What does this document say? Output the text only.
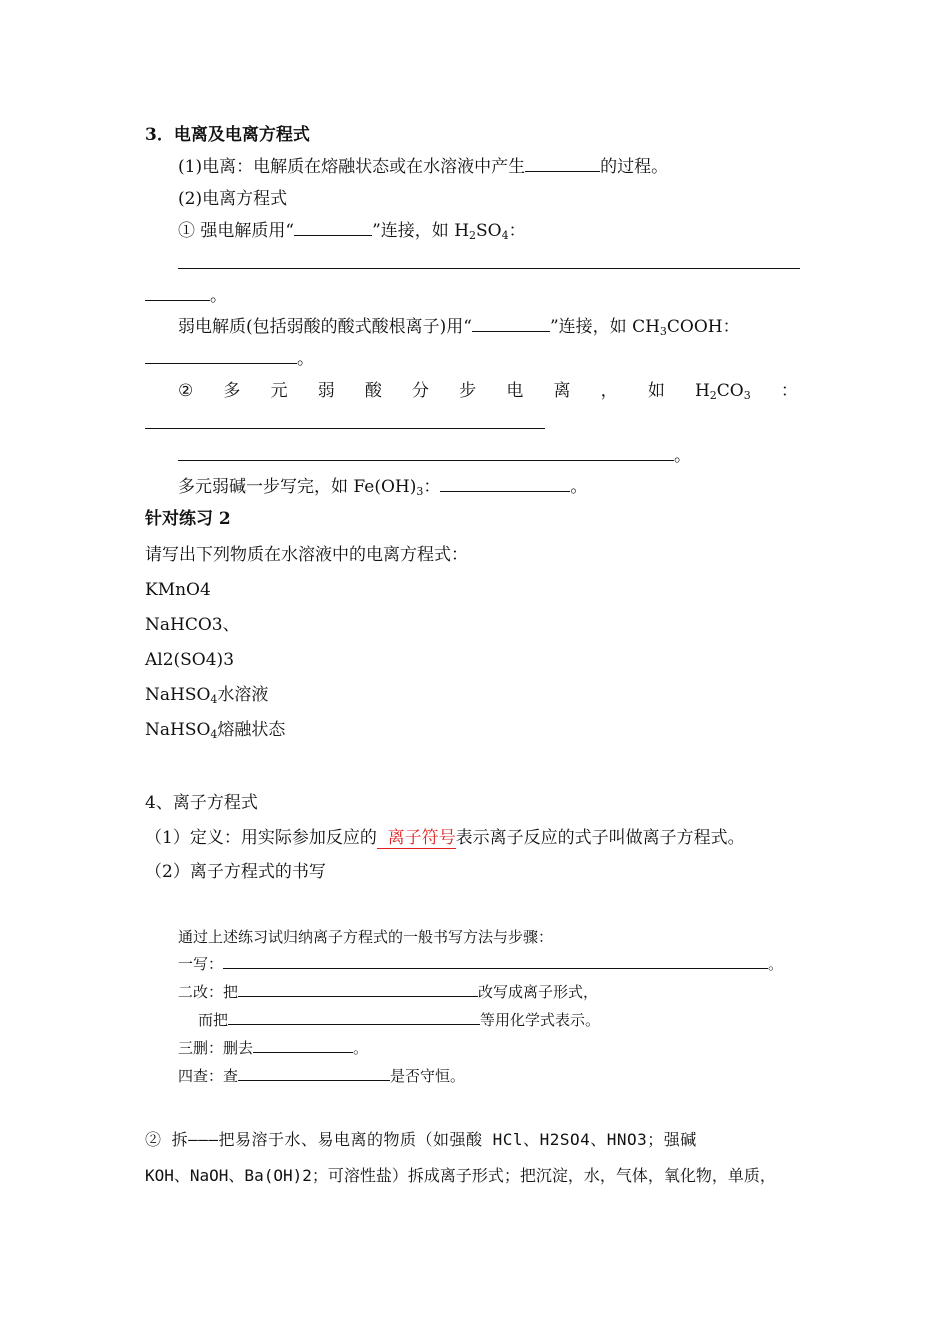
3．电离及电离方程式
(1)电离：电解质在熔融状态或在水溶液中产生	的过程。
(2)电离方程式
① 强电解质用“	”连接，如 $H_2SO_4$：
。
弱电解质(包括弱酸的酸式酸根离子)用“	”连接，如 $CH_3COOH$：
。
② 多 元 弱 酸 分 步 电 离 ， 如 $H_2CO_3$ ：
。
多元弱碱一步写完，如 $Fe(OH)_3$：	。
针对练习 2
请写出下列物质在水溶液中的电离方程式：
KMnO4
NaHCO3、
Al2(SO4)3
NaHSO$_4$水溶液
NaHSO$_4$熔融状态
4、离子方程式
（1）定义：用实际参加反应的  离子符号表示离子反应的式子叫做离子方程式。
（2）离子方程式的书写
通过上述练习试归纳离子方程式的一般书写方法与步骤：
一写：	。
二改：把	改写成离子形式，
而把	等用化学式表示。
三删：删去	。
四查：查	是否守恒。
② 拆———把易溶于水、易电离的物质（如强酸 HCl、H2SO4、HNO3；强碱
KOH、NaOH、Ba(OH)2；可溶性盐）拆成离子形式；把沉淀，水，气体，氧化物，单质，
